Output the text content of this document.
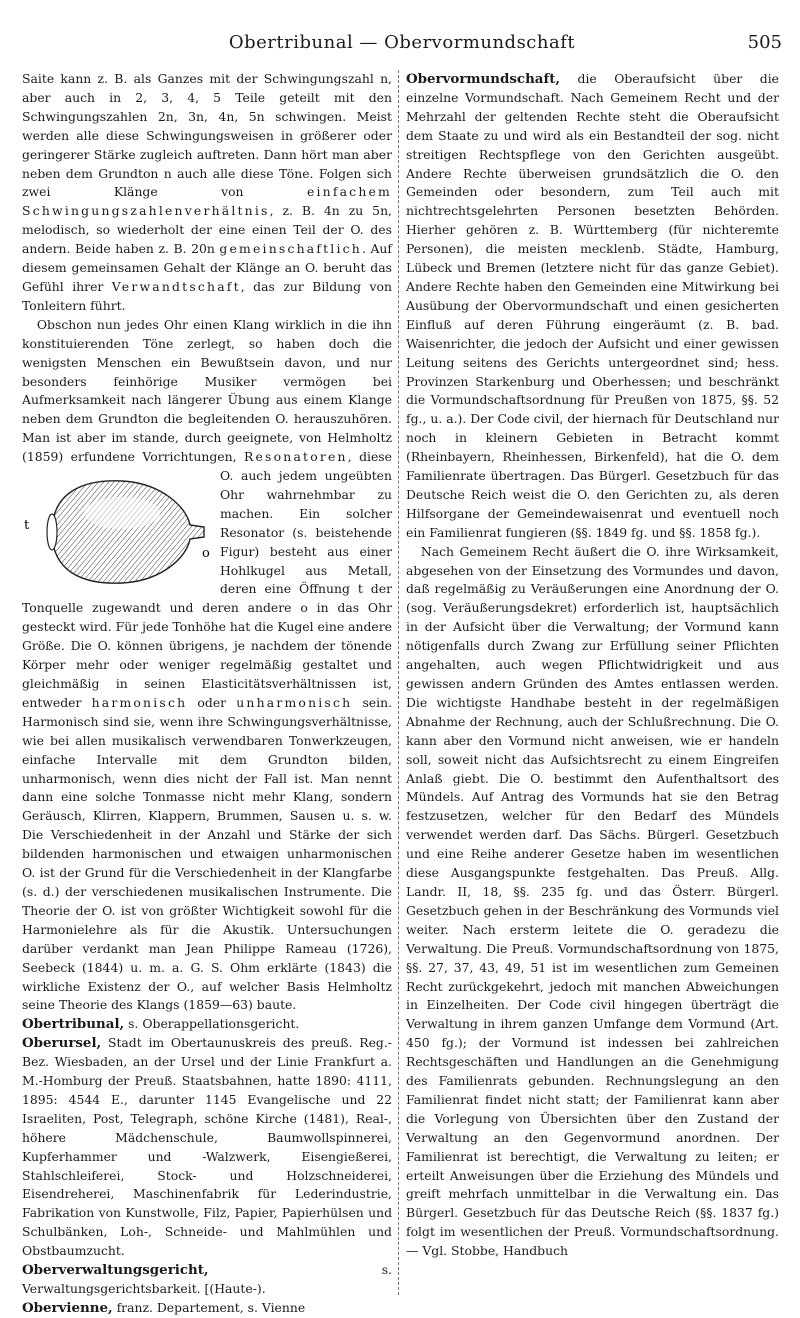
Obertribunal — Obervormundschaft	505

Saite kann z. B. als Ganzes mit der Schwingungszahl n, aber auch in 2, 3, 4, 5 Teile geteilt mit den Schwingungszahlen 2n, 3n, 4n, 5n schwingen. Meist werden alle diese Schwingungsweisen in größerer oder geringerer Stärke zugleich auftreten. Dann hört man aber neben dem Grundton n auch alle diese Töne. Folgen sich zwei Klänge von einfachem Schwingungszahlenverhältnis, z. B. 4n zu 5n, melodisch, so wiederholt der eine einen Teil der O. des andern. Beide haben z. B. 20n gemeinschaftlich. Auf diesem gemeinsamen Gehalt der Klänge an O. beruht das Gefühl ihrer Verwandtschaft, das zur Bildung von Tonleitern führt.

Obschon nun jedes Ohr einen Klang wirklich in die ihn konstituierenden Töne zerlegt, so haben doch die wenigsten Menschen ein Bewußtsein davon, und nur besonders feinhörige Musiker vermögen bei Aufmerksamkeit nach längerer Übung aus einem Klange neben dem Grundton die begleitenden O. herauszuhören. Man ist aber im stande, durch geeignete, von Helmholtz (1859) erfundene Vorrichtungen, Resonatoren
t
o
, diese O. auch jedem ungeübten Ohr wahrnehmbar zu machen. Ein solcher Resonator (s. beistehende Figur) besteht aus einer Hohlkugel aus Metall, deren eine Öffnung t der Tonquelle zugewandt und deren andere o in das Ohr gesteckt wird. Für jede Tonhöhe hat die Kugel eine andere Größe. Die O. können übrigens, je nachdem der tönende Körper mehr oder weniger regelmäßig gestaltet und gleichmäßig in seinen Elasticitätsverhältnissen ist, entweder harmonisch oder unharmonisch sein. Harmonisch sind sie, wenn ihre Schwingungsverhältnisse, wie bei allen musikalisch verwendbaren Tonwerkzeugen, einfache Intervalle mit dem Grundton bilden, unharmonisch, wenn dies nicht der Fall ist. Man nennt dann eine solche Tonmasse nicht mehr Klang, sondern Geräusch, Klirren, Klappern, Brummen, Sausen u. s. w. Die Verschiedenheit in der Anzahl und Stärke der sich bildenden harmonischen und etwaigen unharmonischen O. ist der Grund für die Verschiedenheit in der Klangfarbe (s. d.) der verschiedenen musikalischen Instrumente. Die Theorie der O. ist von größter Wichtigkeit sowohl für die Harmonielehre als für die Akustik. Untersuchungen darüber verdankt man Jean Philippe Rameau (1726), Seebeck (1844) u. m. a. G. S. Ohm erklärte (1843) die wirkliche Existenz der O., auf welcher Basis Helmholtz seine Theorie des Klangs (1859—63) baute.

Obertribunal, s. Oberappellationsgericht.

Oberursel, Stadt im Obertaunuskreis des preuß. Reg.-Bez. Wiesbaden, an der Ursel und der Linie Frankfurt a. M.-Homburg der Preuß. Staatsbahnen, hatte 1890: 4111, 1895: 4544 E., darunter 1145 Evangelische und 22 Israeliten, Post, Telegraph, schöne Kirche (1481), Real-, höhere Mädchenschule, Baumwollspinnerei, Kupferhammer und -Walzwerk, Eisengießerei, Stahlschleiferei, Stock- und Holzschneiderei, Eisendreherei, Maschinenfabrik für Lederindustrie, Fabrikation von Kunstwolle, Filz, Papier, Papierhülsen und Schulbänken, Loh-, Schneide- und Mahlmühlen und Obstbaumzucht.

Oberverwaltungsgericht, s. Verwaltungsgerichtsbarkeit. [(Haute-).

Obervienne, franz. Departement, s. Vienne

Obervormundschaft, die Oberaufsicht über die einzelne Vormundschaft. Nach Gemeinem Recht und der Mehrzahl der geltenden Rechte steht die Oberaufsicht dem Staate zu und wird als ein Bestandteil der sog. nicht streitigen Rechtspflege von den Gerichten ausgeübt. Andere Rechte überweisen grundsätzlich die O. den Gemeinden oder besondern, zum Teil auch mit nichtrechtsgelehrten Personen besetzten Behörden. Hierher gehören z. B. Württemberg (für nichteremte Personen), die meisten mecklenb. Städte, Hamburg, Lübeck und Bremen (letztere nicht für das ganze Gebiet). Andere Rechte haben den Gemeinden eine Mitwirkung bei Ausübung der Obervormundschaft und einen gesicherten Einfluß auf deren Führung eingeräumt (z. B. bad. Waisenrichter, die jedoch der Aufsicht und einer gewissen Leitung seitens des Gerichts untergeordnet sind; hess. Provinzen Starkenburg und Oberhessen; und beschränkt die Vormundschaftsordnung für Preußen von 1875, §§. 52 fg., u. a.). Der Code civil, der hiernach für Deutschland nur noch in kleinern Gebieten in Betracht kommt (Rheinbayern, Rheinhessen, Birkenfeld), hat die O. dem Familienrate übertragen. Das Bürgerl. Gesetzbuch für das Deutsche Reich weist die O. den Gerichten zu, als deren Hilfsorgane der Gemeindewaisenrat und eventuell noch ein Familienrat fungieren (§§. 1849 fg. und §§. 1858 fg.).

Nach Gemeinem Recht äußert die O. ihre Wirksamkeit, abgesehen von der Einsetzung des Vormundes und davon, daß regelmäßig zu Veräußerungen eine Anordnung der O. (sog. Veräußerungsdekret) erforderlich ist, hauptsächlich in der Aufsicht über die Verwaltung; der Vormund kann nötigenfalls durch Zwang zur Erfüllung seiner Pflichten angehalten, auch wegen Pflichtwidrigkeit und aus gewissen andern Gründen des Amtes entlassen werden. Die wichtigste Handhabe besteht in der regelmäßigen Abnahme der Rechnung, auch der Schlußrechnung. Die O. kann aber den Vormund nicht anweisen, wie er handeln soll, soweit nicht das Aufsichtsrecht zu einem Eingreifen Anlaß giebt. Die O. bestimmt den Aufenthaltsort des Mündels. Auf Antrag des Vormunds hat sie den Betrag festzusetzen, welcher für den Bedarf des Mündels verwendet werden darf. Das Sächs. Bürgerl. Gesetzbuch und eine Reihe anderer Gesetze haben im wesentlichen diese Ausgangspunkte festgehalten. Das Preuß. Allg. Landr. II, 18, §§. 235 fg. und das Österr. Bürgerl. Gesetzbuch gehen in der Beschränkung des Vormunds viel weiter. Nach ersterm leitete die O. geradezu die Verwaltung. Die Preuß. Vormundschaftsordnung von 1875, §§. 27, 37, 43, 49, 51 ist im wesentlichen zum Gemeinen Recht zurückgekehrt, jedoch mit manchen Abweichungen in Einzelheiten. Der Code civil hingegen überträgt die Verwaltung in ihrem ganzen Umfange dem Vormund (Art. 450 fg.); der Vormund ist indessen bei zahlreichen Rechtsgeschäften und Handlungen an die Genehmigung des Familienrats gebunden. Rechnungslegung an den Familienrat findet nicht statt; der Familienrat kann aber die Vorlegung von Übersichten über den Zustand der Verwaltung an den Gegenvormund anordnen. Der Familienrat ist berechtigt, die Verwaltung zu leiten; er erteilt Anweisungen über die Erziehung des Mündels und greift mehrfach unmittelbar in die Verwaltung ein. Das Bürgerl. Gesetzbuch für das Deutsche Reich (§§. 1837 fg.) folgt im wesentlichen der Preuß. Vormundschaftsordnung. — Vgl. Stobbe, Handbuch
